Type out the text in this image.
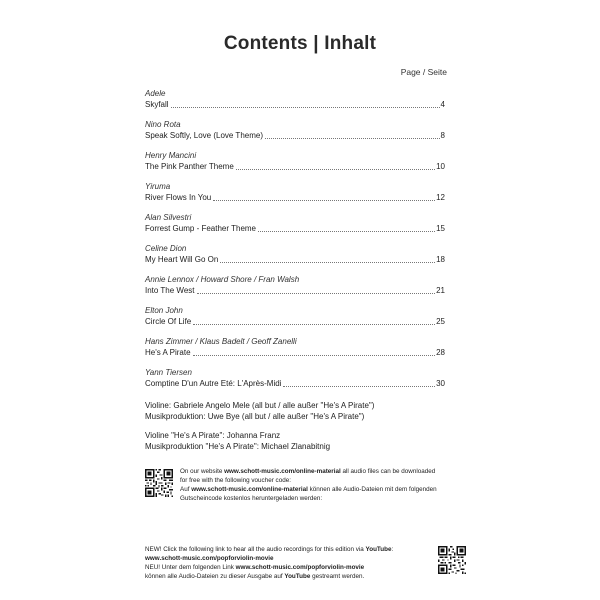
Contents | Inhalt
Page / Seite
Adele
Skyfall	4
Nino Rota
Speak Softly, Love (Love Theme)	8
Henry Mancini
The Pink Panther Theme	10
Yiruma
River Flows In You	12
Alan Silvestri
Forrest Gump - Feather Theme	15
Celine Dion
My Heart Will Go On	18
Annie Lennox / Howard Shore / Fran Walsh
Into The West	21
Elton John
Circle Of Life	25
Hans Zimmer / Klaus Badelt / Geoff Zanelli
He's A Pirate	28
Yann Tiersen
Comptine D'un Autre Eté: L'Après-Midi	30
Violine: Gabriele Angelo Mele (all but / alle außer "He's A Pirate")
Musikproduktion: Uwe Bye (all but / alle außer "He's A Pirate")
Violine "He's A Pirate": Johanna Franz
Musikproduktion "He's A Pirate": Michael Zlanabitnig
On our website www.schott-music.com/online-material all audio files can be downloaded
for free with the following voucher code:
Auf www.schott-music.com/online-material können alle Audio-Dateien mit dem folgenden
Gutscheincode kostenlos heruntergeladen werden:
NEW! Click the following link to hear all the audio recordings for this edition via YouTube:
www.schott-music.com/popforviolin-movie
NEU! Unter dem folgenden Link www.schott-music.com/popforviolin-movie
können alle Audio-Dateien zu dieser Ausgabe auf YouTube gestreamt werden.
